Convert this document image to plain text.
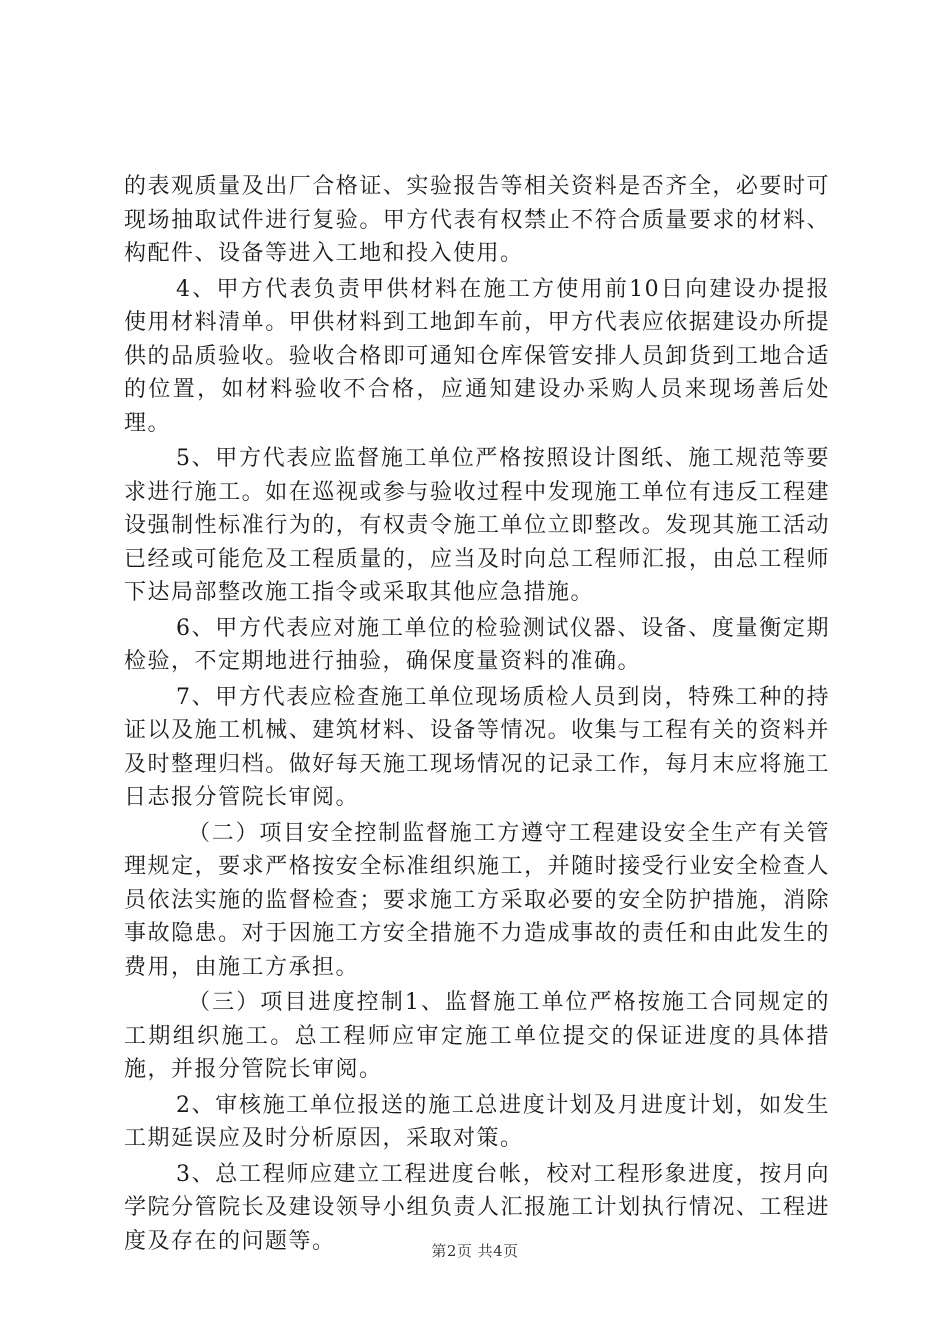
的表观质量及出厂合格证、实验报告等相关资料是否齐全，必要时可现场抽取试件进行复验。甲方代表有权禁止不符合质量要求的材料、构配件、设备等进入工地和投入使用。

4、甲方代表负责甲供材料在施工方使用前10日向建设办提报使用材料清单。甲供材料到工地卸车前，甲方代表应依据建设办所提供的品质验收。验收合格即可通知仓库保管安排人员卸货到工地合适的位置，如材料验收不合格，应通知建设办采购人员来现场善后处理。

5、甲方代表应监督施工单位严格按照设计图纸、施工规范等要求进行施工。如在巡视或参与验收过程中发现施工单位有违反工程建设强制性标准行为的，有权责令施工单位立即整改。发现其施工活动已经或可能危及工程质量的，应当及时向总工程师汇报，由总工程师下达局部整改施工指令或采取其他应急措施。

6、甲方代表应对施工单位的检验测试仪器、设备、度量衡定期检验，不定期地进行抽验，确保度量资料的准确。

7、甲方代表应检查施工单位现场质检人员到岗，特殊工种的持证以及施工机械、建筑材料、设备等情况。收集与工程有关的资料并及时整理归档。做好每天施工现场情况的记录工作，每月末应将施工日志报分管院长审阅。

（二）项目安全控制监督施工方遵守工程建设安全生产有关管理规定，要求严格按安全标准组织施工，并随时接受行业安全检查人员依法实施的监督检查；要求施工方采取必要的安全防护措施，消除事故隐患。对于因施工方安全措施不力造成事故的责任和由此发生的费用，由施工方承担。

（三）项目进度控制1、监督施工单位严格按施工合同规定的工期组织施工。总工程师应审定施工单位提交的保证进度的具体措施，并报分管院长审阅。

2、审核施工单位报送的施工总进度计划及月进度计划，如发生工期延误应及时分析原因，采取对策。

3、总工程师应建立工程进度台帐，校对工程形象进度，按月向学院分管院长及建设领导小组负责人汇报施工计划执行情况、工程进度及存在的问题等。	第2页 共4页
